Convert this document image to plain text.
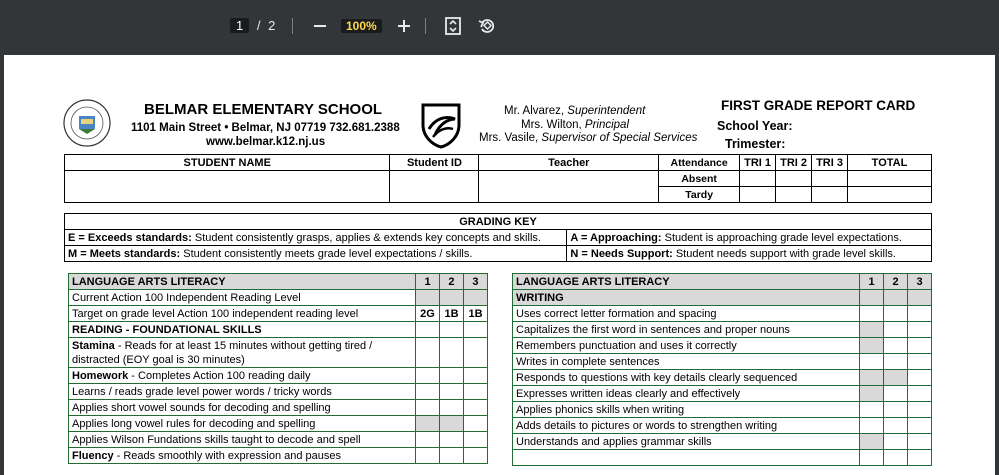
1 / 2	100%
BELMAR ELEMENTARY SCHOOL
1101 Main Street • Belmar, NJ 07719 732.681.2388
www.belmar.k12.nj.us
Mr. Alvarez, Superintendent
Mrs. Wilton, Principal
Mrs. Vasile, Supervisor of Special Services
FIRST GRADE REPORT CARD
School Year:
Trimester:
STUDENT NAME	Student ID	Teacher	Attendance	TRI 1	TRI 2	TRI 3	TOTAL
			Absent				
			Tardy				
GRADING KEY	
E = Exceeds standards: Student consistently grasps, applies & extends key concepts and skills.	A = Approaching: Student is approaching grade level expectations.
M = Meets standards: Student consistently meets grade level expectations / skills.	N = Needs Support: Student needs support with grade level skills.
LANGUAGE ARTS LITERACY	1	2	3
Current Action 100 Independent Reading Level			
Target on grade level Action 100 independent reading level	2G	1B	1B
READING - FOUNDATIONAL SKILLS			
Stamina - Reads for at least 15 minutes without getting tired / distracted (EOY goal is 30 minutes)			
Homework - Completes Action 100 reading daily			
Learns / reads grade level power words / tricky words			
Applies short vowel sounds for decoding and spelling			
Applies long vowel rules for decoding and spelling			
Applies Wilson Fundations skills taught to decode and spell			
Fluency - Reads smoothly with expression and pauses			
LANGUAGE ARTS LITERACY	1	2	3
WRITING			
Uses correct letter formation and spacing			
Capitalizes the first word in sentences and proper nouns			
Remembers punctuation and uses it correctly			
Writes in complete sentences			
Responds to questions with key details clearly sequenced			
Expresses written ideas clearly and effectively			
Applies phonics skills when writing			
Adds details to pictures or words to strengthen writing			
Understands and applies grammar skills			
